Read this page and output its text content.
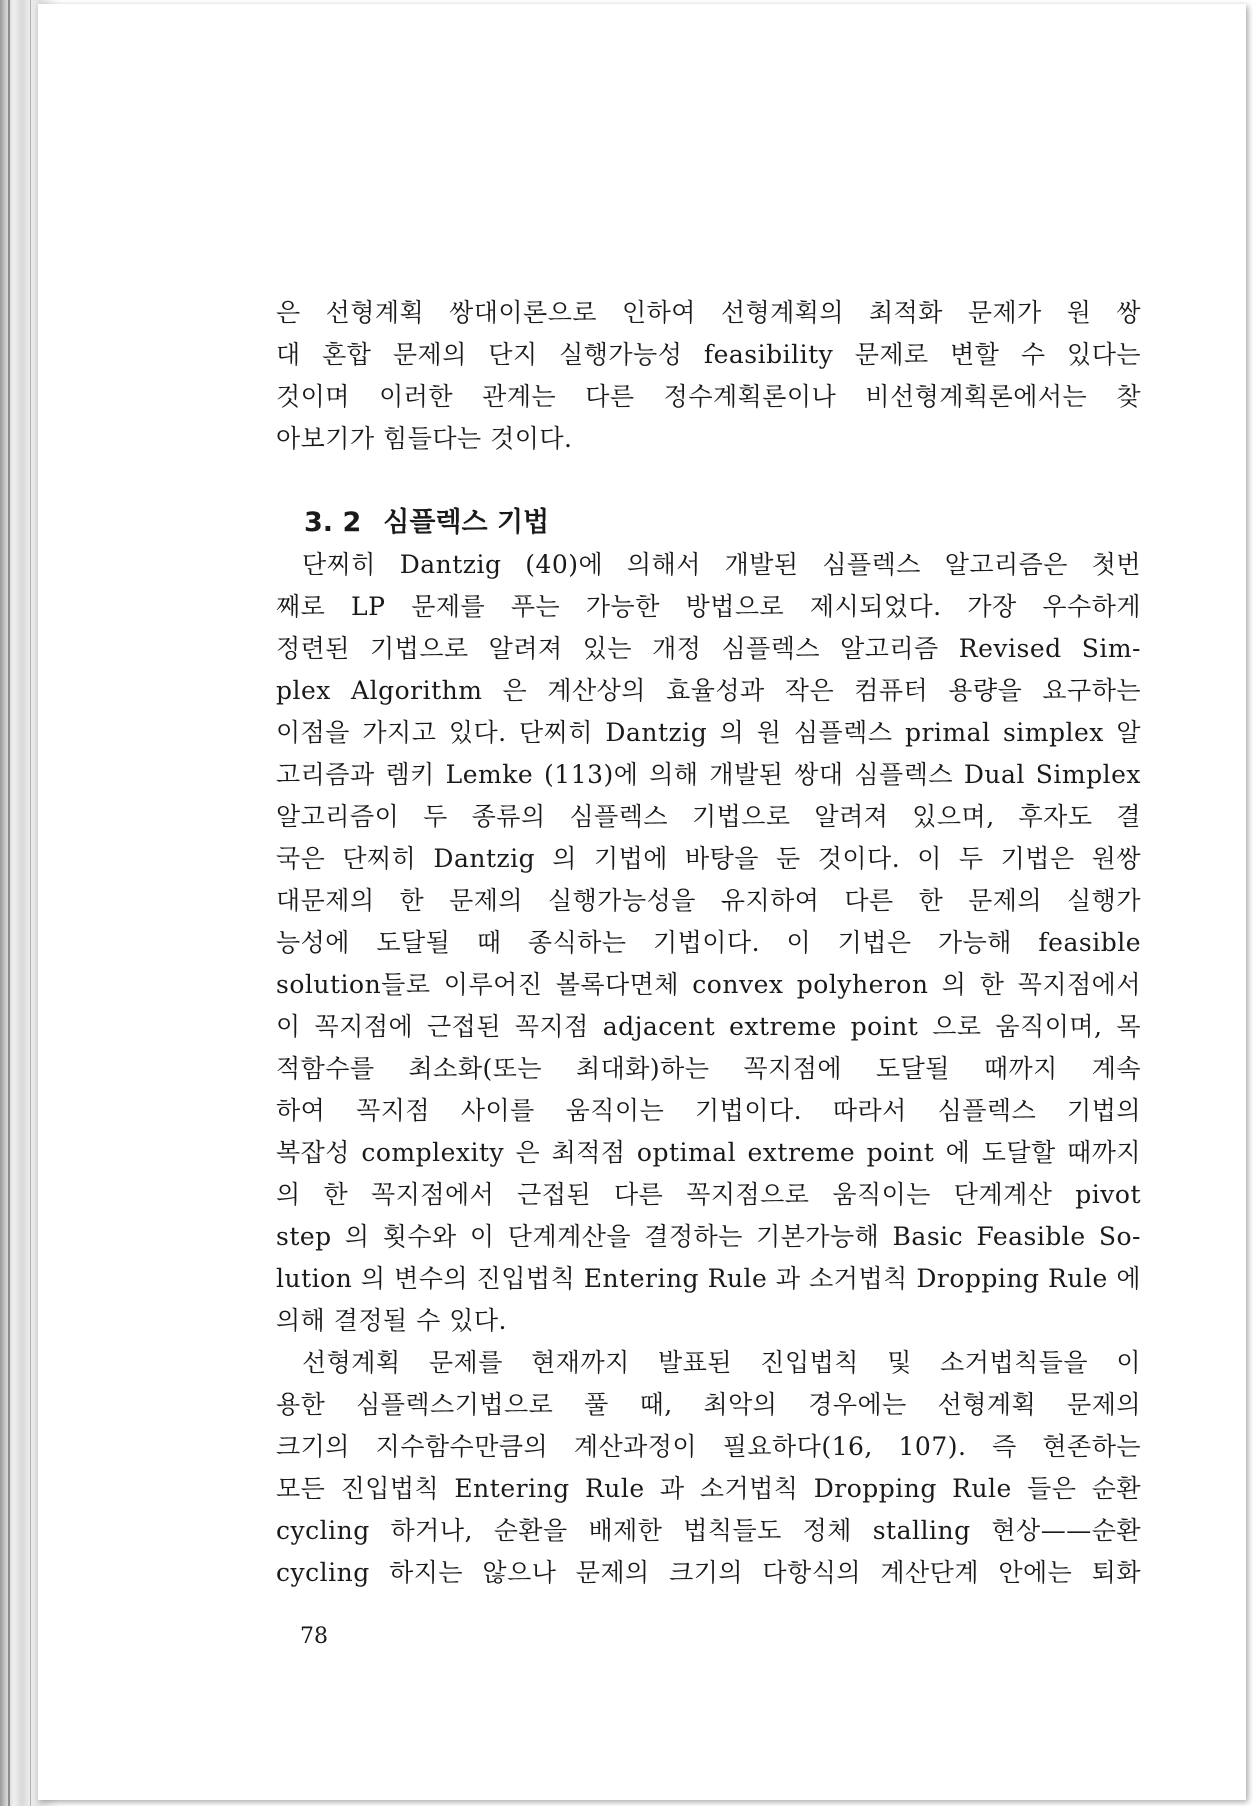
은 선형계획 쌍대이론으로 인하여 선형계획의 최적화 문제가 원 쌍
대 혼합 문제의 단지 실행가능성 feasibility 문제로 변할 수 있다는
것이며 이러한 관계는 다른 정수계획론이나 비선형계획론에서는 찾
아보기가 힘들다는 것이다.
3. 2 심플렉스 기법
단찌히 Dantzig (40)에 의해서 개발된 심플렉스 알고리즘은 첫번
째로 LP 문제를 푸는 가능한 방법으로 제시되었다. 가장 우수하게
정련된 기법으로 알려져 있는 개정 심플렉스 알고리즘 Revised Sim-
plex Algorithm 은 계산상의 효율성과 작은 컴퓨터 용량을 요구하는
이점을 가지고 있다. 단찌히 Dantzig 의 원 심플렉스 primal simplex 알
고리즘과 렘키 Lemke (113)에 의해 개발된 쌍대 심플렉스 Dual Simplex
알고리즘이 두 종류의 심플렉스 기법으로 알려져 있으며, 후자도 결
국은 단찌히 Dantzig 의 기법에 바탕을 둔 것이다. 이 두 기법은 원쌍
대문제의 한 문제의 실행가능성을 유지하여 다른 한 문제의 실행가
능성에 도달될 때 종식하는 기법이다. 이 기법은 가능해 feasible
solution들로 이루어진 볼록다면체 convex polyheron 의 한 꼭지점에서
이 꼭지점에 근접된 꼭지점 adjacent extreme point 으로 움직이며, 목
적함수를 최소화(또는 최대화)하는 꼭지점에 도달될 때까지 계속
하여 꼭지점 사이를 움직이는 기법이다. 따라서 심플렉스 기법의
복잡성 complexity 은 최적점 optimal extreme point 에 도달할 때까지
의 한 꼭지점에서 근접된 다른 꼭지점으로 움직이는 단계계산 pivot
step 의 횟수와 이 단계계산을 결정하는 기본가능해 Basic Feasible So-
lution 의 변수의 진입법칙 Entering Rule 과 소거법칙 Dropping Rule 에
의해 결정될 수 있다.
선형계획 문제를 현재까지 발표된 진입법칙 및 소거법칙들을 이
용한 심플렉스기법으로 풀 때, 최악의 경우에는 선형계획 문제의
크기의 지수함수만큼의 계산과정이 필요하다(16, 107). 즉 현존하는
모든 진입법칙 Entering Rule 과 소거법칙 Dropping Rule 들은 순환
cycling 하거나, 순환을 배제한 법칙들도 정체 stalling 현상——순환
cycling 하지는 않으나 문제의 크기의 다항식의 계산단계 안에는 퇴화
78
